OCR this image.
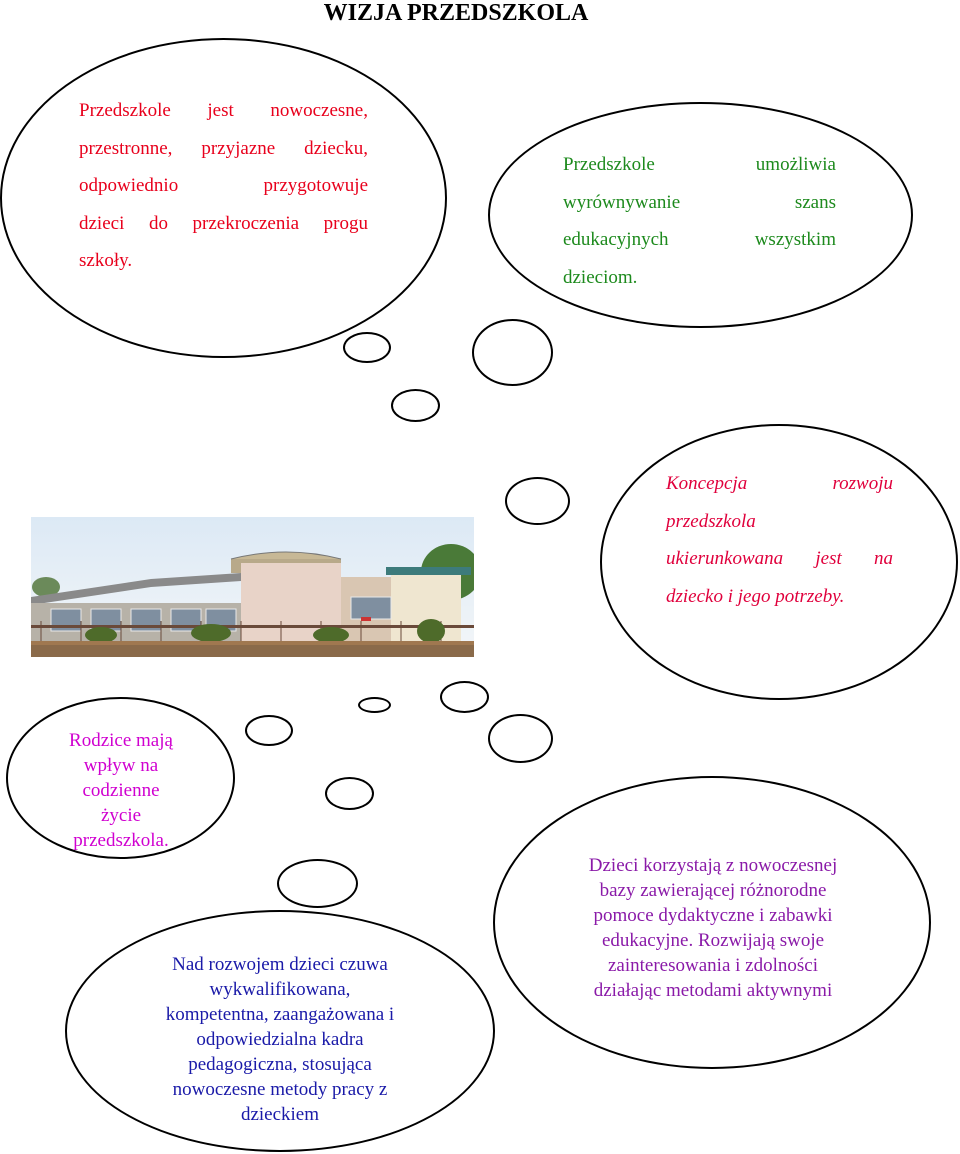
WIZJA PRZEDSZKOLA
Przedszkole jest nowoczesne,
przestronne, przyjazne dziecku,
odpowiednio przygotowuje
dzieci do przekroczenia progu
szkoły.
Przedszkole umożliwia
wyrównywanie szans
edukacyjnych wszystkim
dzieciom.
Koncepcja rozwoju
przedszkola
ukierunkowana jest na
dziecko i jego potrzeby.
Rodzice mają
wpływ na
codzienne
życie
przedszkola.
Nad rozwojem dzieci czuwa
wykwalifikowana,
kompetentna, zaangażowana i
odpowiedzialna kadra
pedagogiczna, stosująca
nowoczesne metody pracy z
dzieckiem
Dzieci korzystają z nowoczesnej
bazy zawierającej różnorodne
pomoce dydaktyczne i zabawki
edukacyjne. Rozwijają swoje
zainteresowania i zdolności
działając metodami aktywnymi
